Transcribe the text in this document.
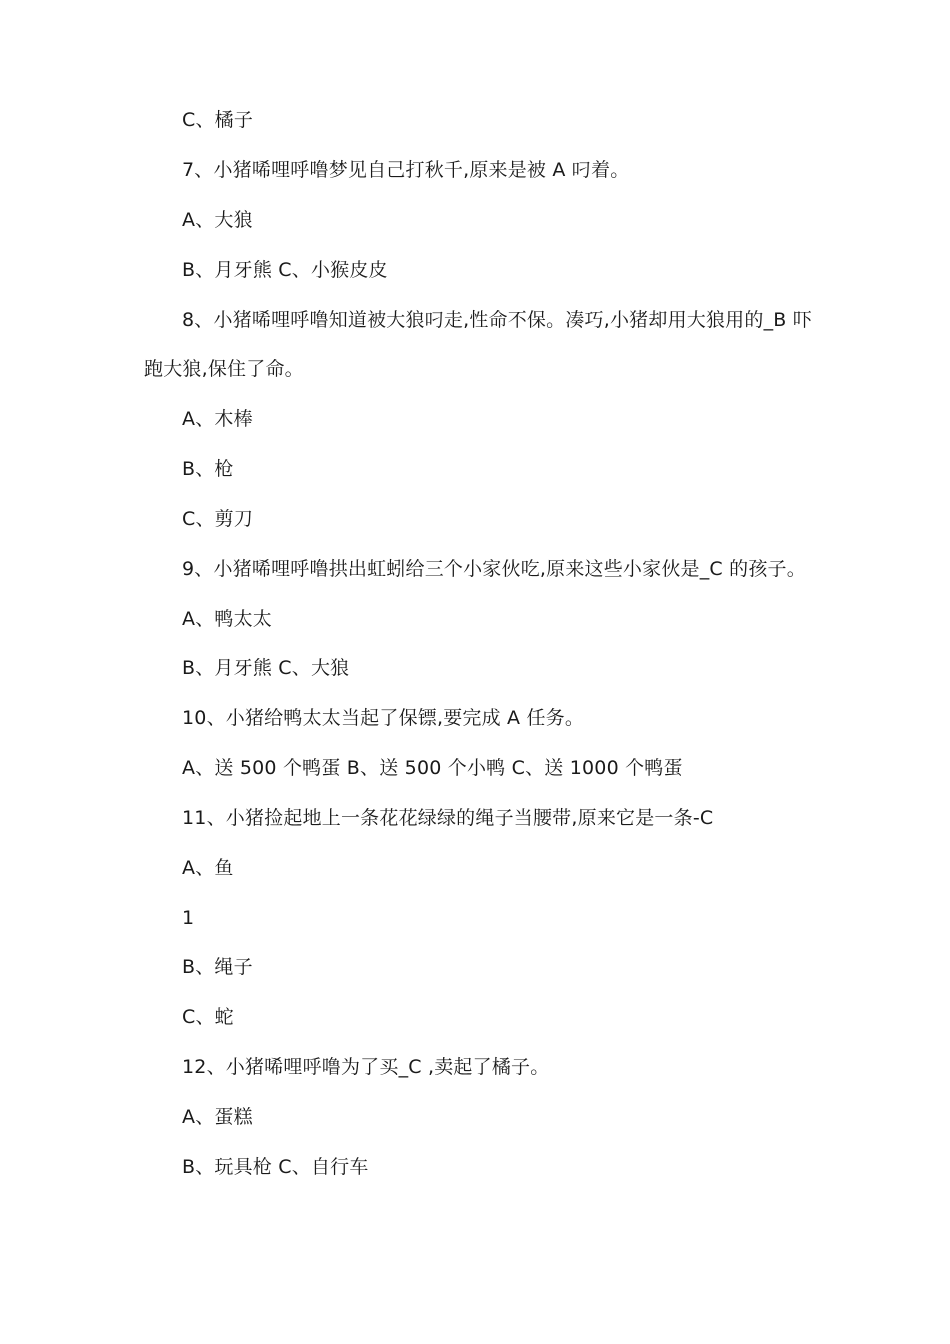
C、橘子
7、小猪唏哩呼噜梦见自己打秋千,原来是被 A 叼着。
A、大狼
B、月牙熊 C、小猴皮皮
8、小猪唏哩呼噜知道被大狼叼走,性命不保。凑巧,小猪却用大狼用的_B 吓
跑大狼,保住了命。
A、木棒
B、枪
C、剪刀
9、小猪唏哩呼噜拱出虹蚓给三个小家伙吃,原来这些小家伙是_C 的孩子。
A、鸭太太
B、月牙熊 C、大狼
10、小猪给鸭太太当起了保镖,要完成 A 任务。
A、送 500 个鸭蛋 B、送 500 个小鸭 C、送 1000 个鸭蛋
11、小猪捡起地上一条花花绿绿的绳子当腰带,原来它是一条-C
A、鱼
1
B、绳子
C、蛇
12、小猪唏哩呼噜为了买_C ,卖起了橘子。
A、蛋糕
B、玩具枪 C、自行车
